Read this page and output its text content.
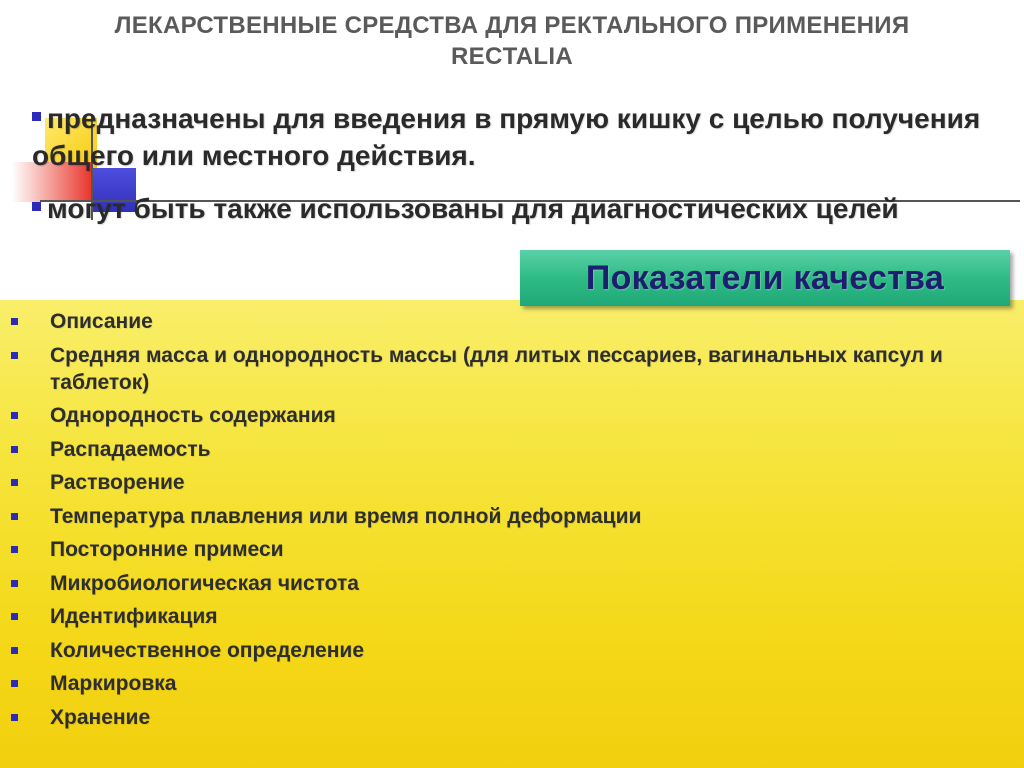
ЛЕКАРСТВЕННЫЕ СРЕДСТВА ДЛЯ РЕКТАЛЬНОГО ПРИМЕНЕНИЯ
RECTALIA
предназначены для введения в прямую кишку с целью получения общего или местного действия.
могут быть также использованы для диагностических целей
Показатели качества
Описание
Средняя масса и однородность массы (для литых пессариев, вагинальных капсул и таблеток)
Однородность содержания
Распадаемость
Растворение
Температура плавления или время полной деформации
Посторонние примеси
Микробиологическая чистота
Идентификация
Количественное определение
Маркировка
Хранение
